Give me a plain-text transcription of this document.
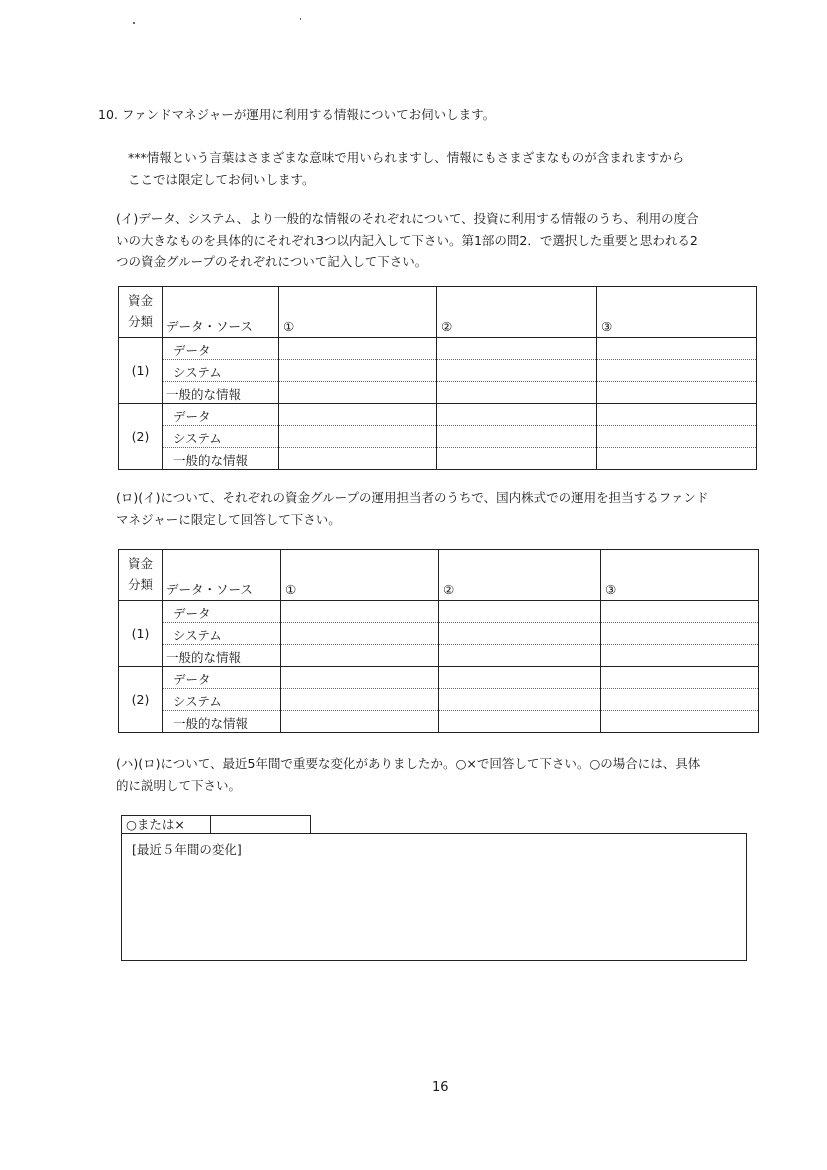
10. ファンドマネジャーが運用に利用する情報についてお伺いします。
***情報という言葉はさまざまな意味で用いられますし、情報にもさまざまなものが含まれますから
ここでは限定してお伺いします。
(イ)データ、システム、より一般的な情報のそれぞれについて、投資に利用する情報のうち、利用の度合
いの大きなものを具体的にそれぞれ3つ以内記入して下さい。第1部の問2．で選択した重要と思われる2
つの資金グループのそれぞれについて記入して下さい。
資金
分類	データ・ソース	①	②	③
(1)	データ			
	システム			
	一般的な情報			
(2)	データ			
	システム			
	一般的な情報			
(ロ)(イ)について、それぞれの資金グループの運用担当者のうちで、国内株式での運用を担当するファンド
マネジャーに限定して回答して下さい。
資金
分類	データ・ソース	①	②	③
(1)	データ			
	システム			
	一般的な情報			
(2)	データ			
	システム			
	一般的な情報			
(ハ)(ロ)について、最近5年間で重要な変化がありましたか。○×で回答して下さい。○の場合には、具体
的に説明して下さい。
○または×
[最近５年間の変化]
16
